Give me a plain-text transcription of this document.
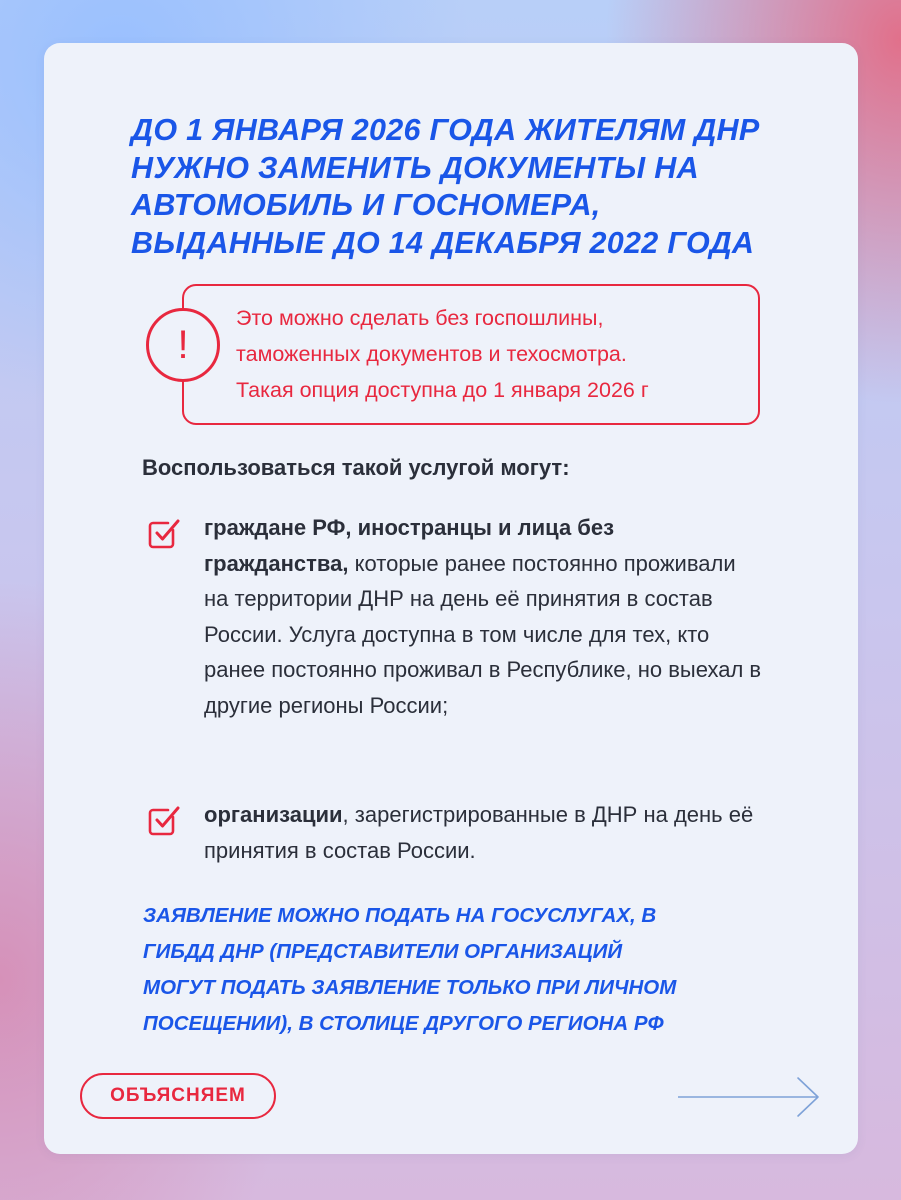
ДО 1 ЯНВАРЯ 2026 ГОДА ЖИТЕЛЯМ ДНР
НУЖНО ЗАМЕНИТЬ ДОКУМЕНТЫ НА
АВТОМОБИЛЬ И ГОСНОМЕРА,
ВЫДАННЫЕ ДО 14 ДЕКАБРЯ 2022 ГОДА
!
Это можно сделать без госпошлины,
таможенных документов и техосмотра.
Такая опция доступна до 1 января 2026 г
Воспользоваться такой услугой могут:
граждане РФ, иностранцы и лица без гражданства, которые ранее постоянно проживали на территории ДНР на день её принятия в состав России. Услуга доступна в том числе для тех, кто ранее постоянно проживал в Республике, но выехал в другие регионы России;
организации, зарегистрированные в ДНР на день её принятия в состав России.
ЗАЯВЛЕНИЕ МОЖНО ПОДАТЬ НА ГОСУСЛУГАХ, В
ГИБДД ДНР (ПРЕДСТАВИТЕЛИ ОРГАНИЗАЦИЙ
МОГУТ ПОДАТЬ ЗАЯВЛЕНИЕ ТОЛЬКО ПРИ ЛИЧНОМ
ПОСЕЩЕНИИ), В СТОЛИЦЕ ДРУГОГО РЕГИОНА РФ
ОБЪЯСНЯЕМ
